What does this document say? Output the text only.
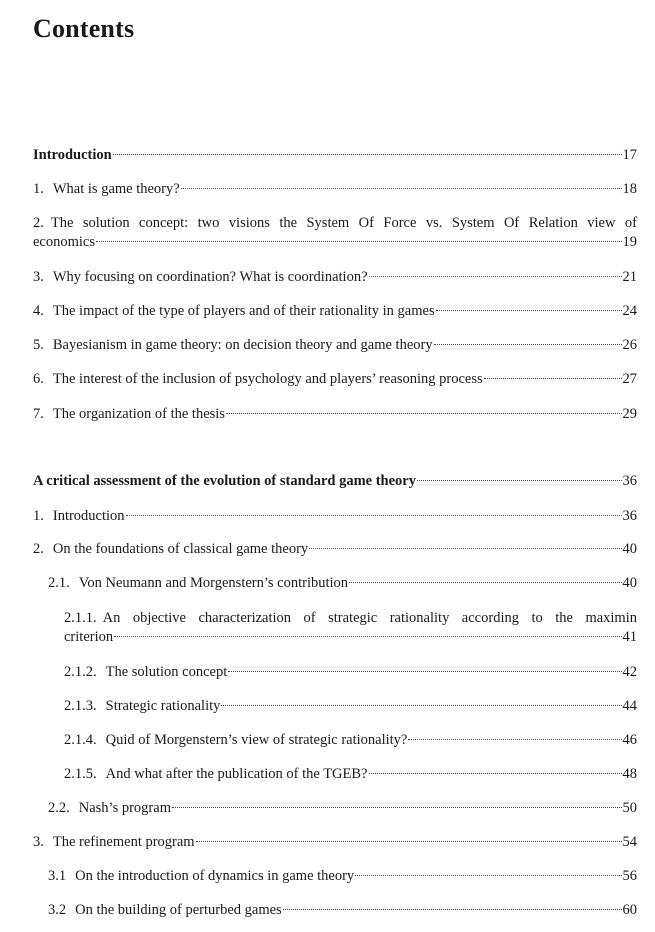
Contents
Introduction	17
1. What is game theory?	18
2. The solution concept: two visions the System Of Force vs. System Of Relation view of
economics	19
3. Why focusing on coordination? What is coordination?	21
4. The impact of the type of players and of their rationality in games	24
5. Bayesianism in game theory: on decision theory and game theory	26
6. The interest of the inclusion of psychology and players’ reasoning process	27
7. The organization of the thesis	29
A critical assessment of the evolution of standard game theory	36
1. Introduction	36
2. On the foundations of classical game theory	40
2.1. Von Neumann and Morgenstern’s contribution	40
2.1.1. An objective characterization of strategic rationality according to the maximin
criterion	41
2.1.2. The solution concept	42
2.1.3. Strategic rationality	44
2.1.4. Quid of Morgenstern’s view of strategic rationality?	46
2.1.5. And what after the publication of the TGEB?	48
2.2. Nash’s program	50
3. The refinement program	54
3.1 On the introduction of dynamics in game theory	56
3.2 On the building of perturbed games	60
